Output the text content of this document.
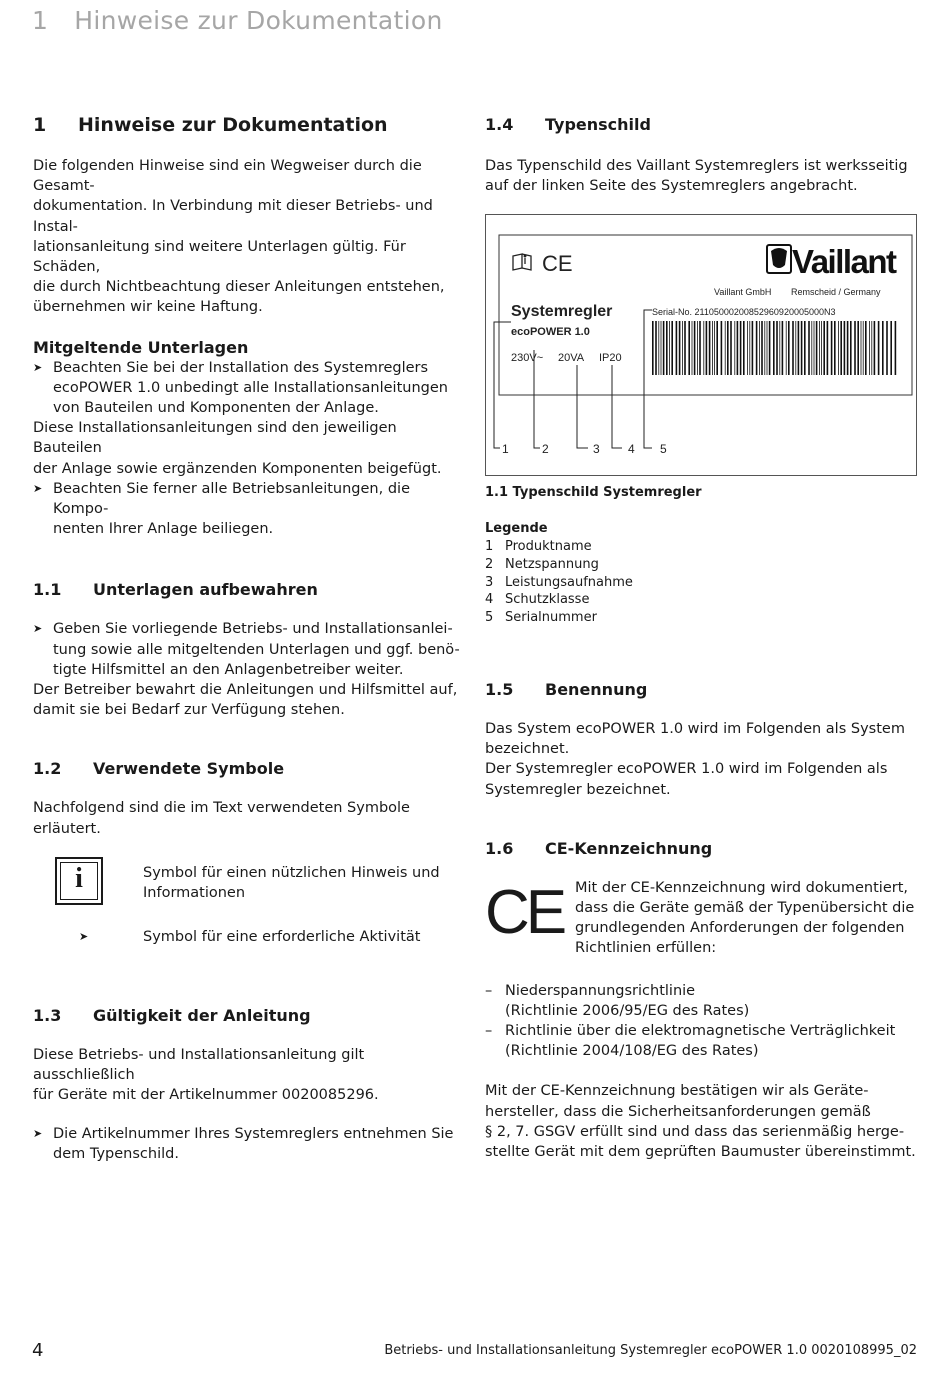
1 Hinweise zur Dokumentation
1 Hinweise zur Dokumentation

Die folgenden Hinweise sind ein Wegweiser durch die Gesamt-
dokumentation. In Verbindung mit dieser Betriebs- und Instal-
lationsanleitung sind weitere Unterlagen gültig. Für Schäden,
die durch Nichtbeachtung dieser Anleitungen entstehen,
übernehmen wir keine Haftung.

Mitgeltende Unterlagen
➤ Beachten Sie bei der Installation des Systemreglers
ecoPOWER 1.0 unbedingt alle Installationsanleitungen
von Bauteilen und Komponenten der Anlage.

Diese Installationsanleitungen sind den jeweiligen Bauteilen
der Anlage sowie ergänzenden Komponenten beigefügt.

➤ Beachten Sie ferner alle Betriebsanleitungen, die Kompo-
nenten Ihrer Anlage beiliegen.
1.1 Unterlagen aufbewahren
➤ Geben Sie vorliegende Betriebs- und Installationsanlei-
tung sowie alle mitgeltenden Unterlagen und ggf. benö-
tigte Hilfsmittel an den Anlagenbetreiber weiter.

Der Betreiber bewahrt die Anleitungen und Hilfsmittel auf,
damit sie bei Bedarf zur Verfügung stehen.

1.2 Verwendete Symbole

Nachfolgend sind die im Text verwendeten Symbole
erläutert.

i	Symbol für einen nützlichen Hinweis und
Informationen

➤	Symbol für eine erforderliche Aktivität

1.3 Gültigkeit der Anleitung

Diese Betriebs- und Installationsanleitung gilt ausschließlich
für Geräte mit der Artikelnummer 0020085296.

➤ Die Artikelnummer Ihres Systemreglers entnehmen Sie
dem Typenschild.
1.4 Typenschild

Das Typenschild des Vaillant Systemreglers ist werksseitig
auf der linken Seite des Systemreglers angebracht.

CE	Vaillant
Vaillant GmbH Remscheid / Germany
Systemregler
ecoPOWER 1.0
230V~ 20VA IP20
Serial-No. 21105000200852960920005000N3
1	2	3 4 5
1.1 Typenschild Systemregler
Legende
1 Produktname
2 Netzspannung
3 Leistungsaufnahme
4 Schutzklasse
5 Serialnummer
1.5 Benennung

Das System ecoPOWER 1.0 wird im Folgenden als System
bezeichnet.
Der Systemregler ecoPOWER 1.0 wird im Folgenden als
Systemregler bezeichnet.

1.6 CE-Kennzeichnung
CE Mit der CE-Kennzeichnung wird dokumentiert,
dass die Geräte gemäß der Typenübersicht die
grundlegenden Anforderungen der folgenden
Richtlinien erfüllen:

– Niederspannungsrichtlinie
(Richtlinie 2006/95/EG des Rates)
– Richtlinie über die elektromagnetische Verträglichkeit
(Richtlinie 2004/108/EG des Rates)

Mit der CE-Kennzeichnung bestätigen wir als Geräte-
hersteller, dass die Sicherheitsanforderungen gemäß
§ 2, 7. GSGV erfüllt sind und dass das serienmäßig herge-
stellte Gerät mit dem geprüften Baumuster übereinstimmt.

4	Betriebs- und Installationsanleitung Systemregler ecoPOWER 1.0 0020108995_02
